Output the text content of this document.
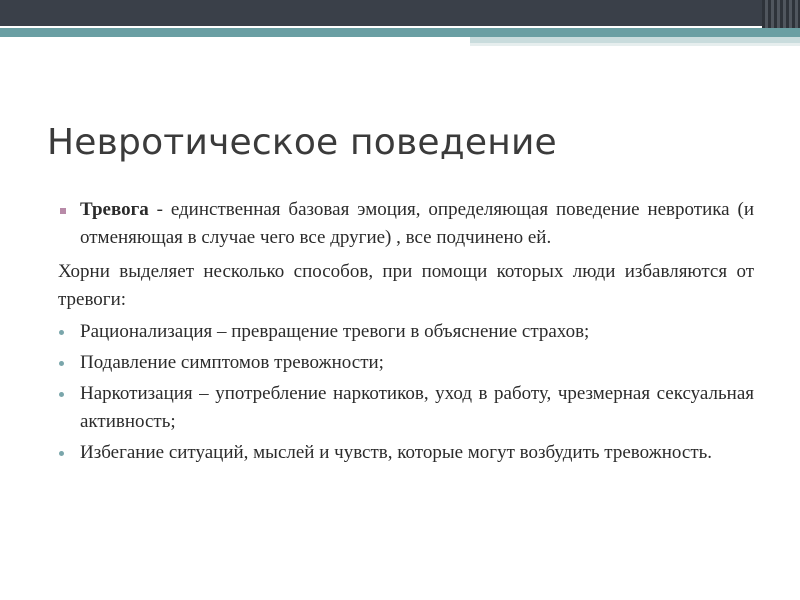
Невротическое поведение
Тревога - единственная базовая эмоция, определяющая поведение невротика (и отменяющая в случае чего все другие) , все подчинено ей.

Хорни выделяет несколько способов, при помощи которых люди избавляются от тревоги:

Рационализация – превращение тревоги в объяснение страхов;
Подавление симптомов тревожности;
Наркотизация – употребление наркотиков, уход в работу, чрезмерная сексуальная активность;
Избегание ситуаций, мыслей и чувств, которые могут возбудить тревожность.
